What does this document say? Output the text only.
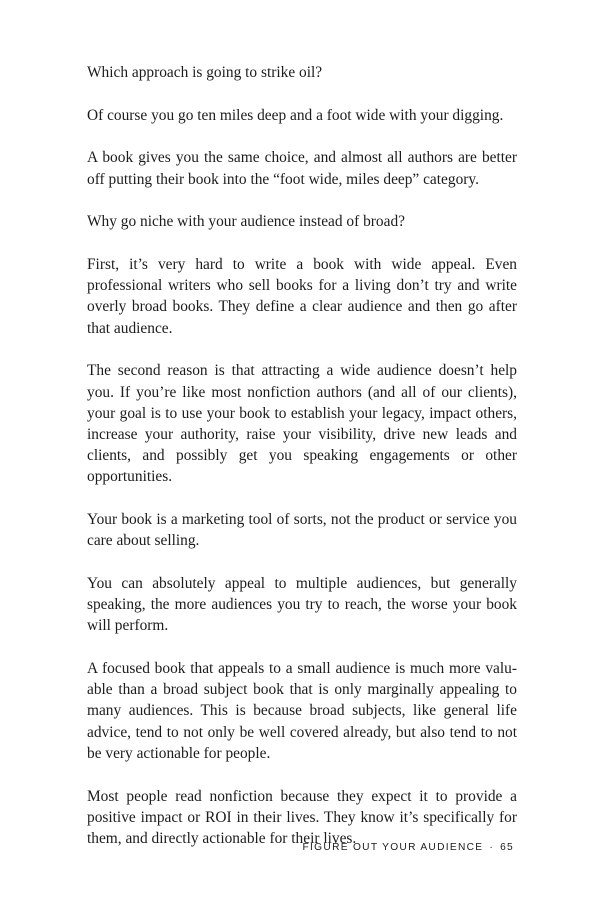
Which approach is going to strike oil?

Of course you go ten miles deep and a foot wide with your digging.

A book gives you the same choice, and almost all authors are better off putting their book into the “foot wide, miles deep” category.

Why go niche with your audience instead of broad?

First, it’s very hard to write a book with wide appeal. Even professional writers who sell books for a living don’t try and write overly broad books. They define a clear audience and then go after that audience.

The second reason is that attracting a wide audience doesn’t help you. If you’re like most nonfiction authors (and all of our clients), your goal is to use your book to establish your legacy, impact others, increase your authority, raise your visibility, drive new leads and clients, and possibly get you speaking engagements or other opportunities.

Your book is a marketing tool of sorts, not the product or service you care about selling.

You can absolutely appeal to multiple audiences, but generally speaking, the more audiences you try to reach, the worse your book will perform.

A focused book that appeals to a small audience is much more valuable than a broad subject book that is only marginally appealing to many audiences. This is because broad subjects, like general life advice, tend to not only be well covered already, but also tend to not be very actionable for people.

Most people read nonfiction because they expect it to provide a positive impact or ROI in their lives. They know it’s specifically for them, and directly actionable for their lives.

FIGURE OUT YOUR AUDIENCE · 65
